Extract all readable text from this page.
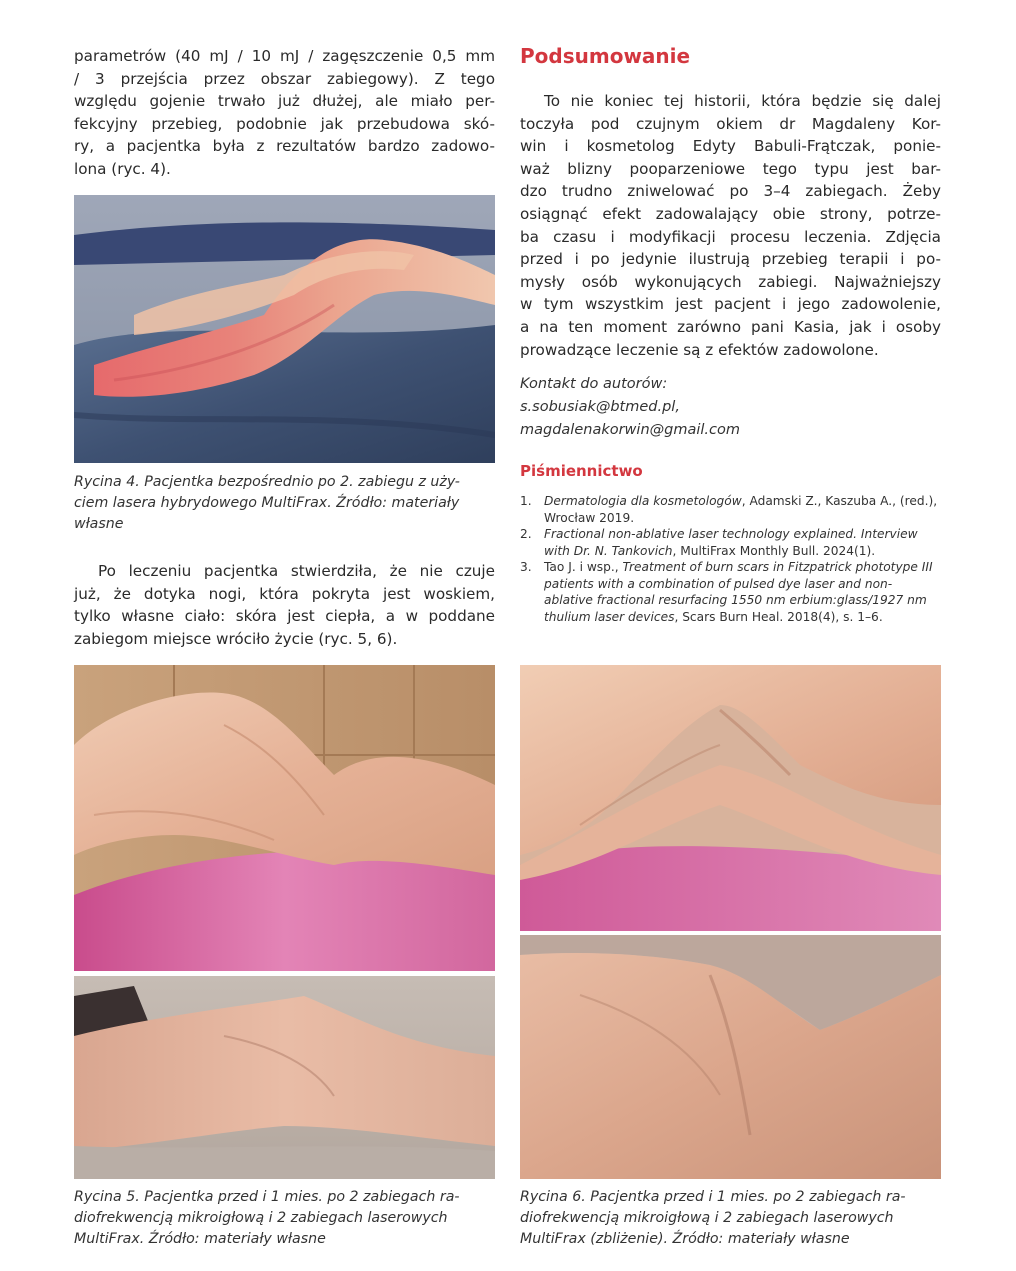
parametrów (40 mJ / 10 mJ / zagęszczenie 0,5 mm
/ 3 przejścia przez obszar zabiegowy). Z tego
względu gojenie trwało już dłużej, ale miało per-
fekcyjny przebieg, podobnie jak przebudowa skó-
ry, a pacjentka była z rezultatów bardzo zadowo-
lona (ryc. 4).
Rycina 4. Pacjentka bezpośrednio po 2. zabiegu z uży-
ciem lasera hybrydowego MultiFrax. Źródło: materiały
własne
Po leczeniu pacjentka stwierdziła, że nie czuje
już, że dotyka nogi, która pokryta jest woskiem,
tylko własne ciało: skóra jest ciepła, a w poddane
zabiegom miejsce wróciło życie (ryc. 5, 6).
Podsumowanie
To nie koniec tej historii, która będzie się dalej
toczyła pod czujnym okiem dr Magdaleny Kor-
win i kosmetolog Edyty Babuli-Frątczak, ponie-
waż blizny pooparzeniowe tego typu jest bar-
dzo trudno zniwelować po 3–4 zabiegach. Żeby
osiągnąć efekt zadowalający obie strony, potrze-
ba czasu i modyfikacji procesu leczenia. Zdjęcia
przed i po jedynie ilustrują przebieg terapii i po-
mysły osób wykonujących zabiegi. Najważniejszy
w tym wszystkim jest pacjent i jego zadowolenie,
a na ten moment zarówno pani Kasia, jak i osoby
prowadzące leczenie są z efektów zadowolone.
Kontakt do autorów:
s.sobusiak@btmed.pl,
magdalenakorwin@gmail.com
Piśmiennictwo
1. Dermatologia dla kosmetologów, Adamski Z., Kaszuba A., (red.), Wrocław 2019.
2. Fractional non-ablative laser technology explained. Interview with Dr. N. Tankovich, MultiFrax Monthly Bull. 2024(1).
3. Tao J. i wsp., Treatment of burn scars in Fitzpatrick phototype III patients with a combination of pulsed dye laser and non-ablative fractional resurfacing 1550 nm erbium:glass/1927 nm thulium laser devices, Scars Burn Heal. 2018(4), s. 1–6.
Rycina 5. Pacjentka przed i 1 mies. po 2 zabiegach ra-
diofrekwencją mikroigłową i 2 zabiegach laserowych
MultiFrax. Źródło: materiały własne
Rycina 6. Pacjentka przed i 1 mies. po 2 zabiegach ra-
diofrekwencją mikroigłową i 2 zabiegach laserowych
MultiFrax (zbliżenie). Źródło: materiały własne
